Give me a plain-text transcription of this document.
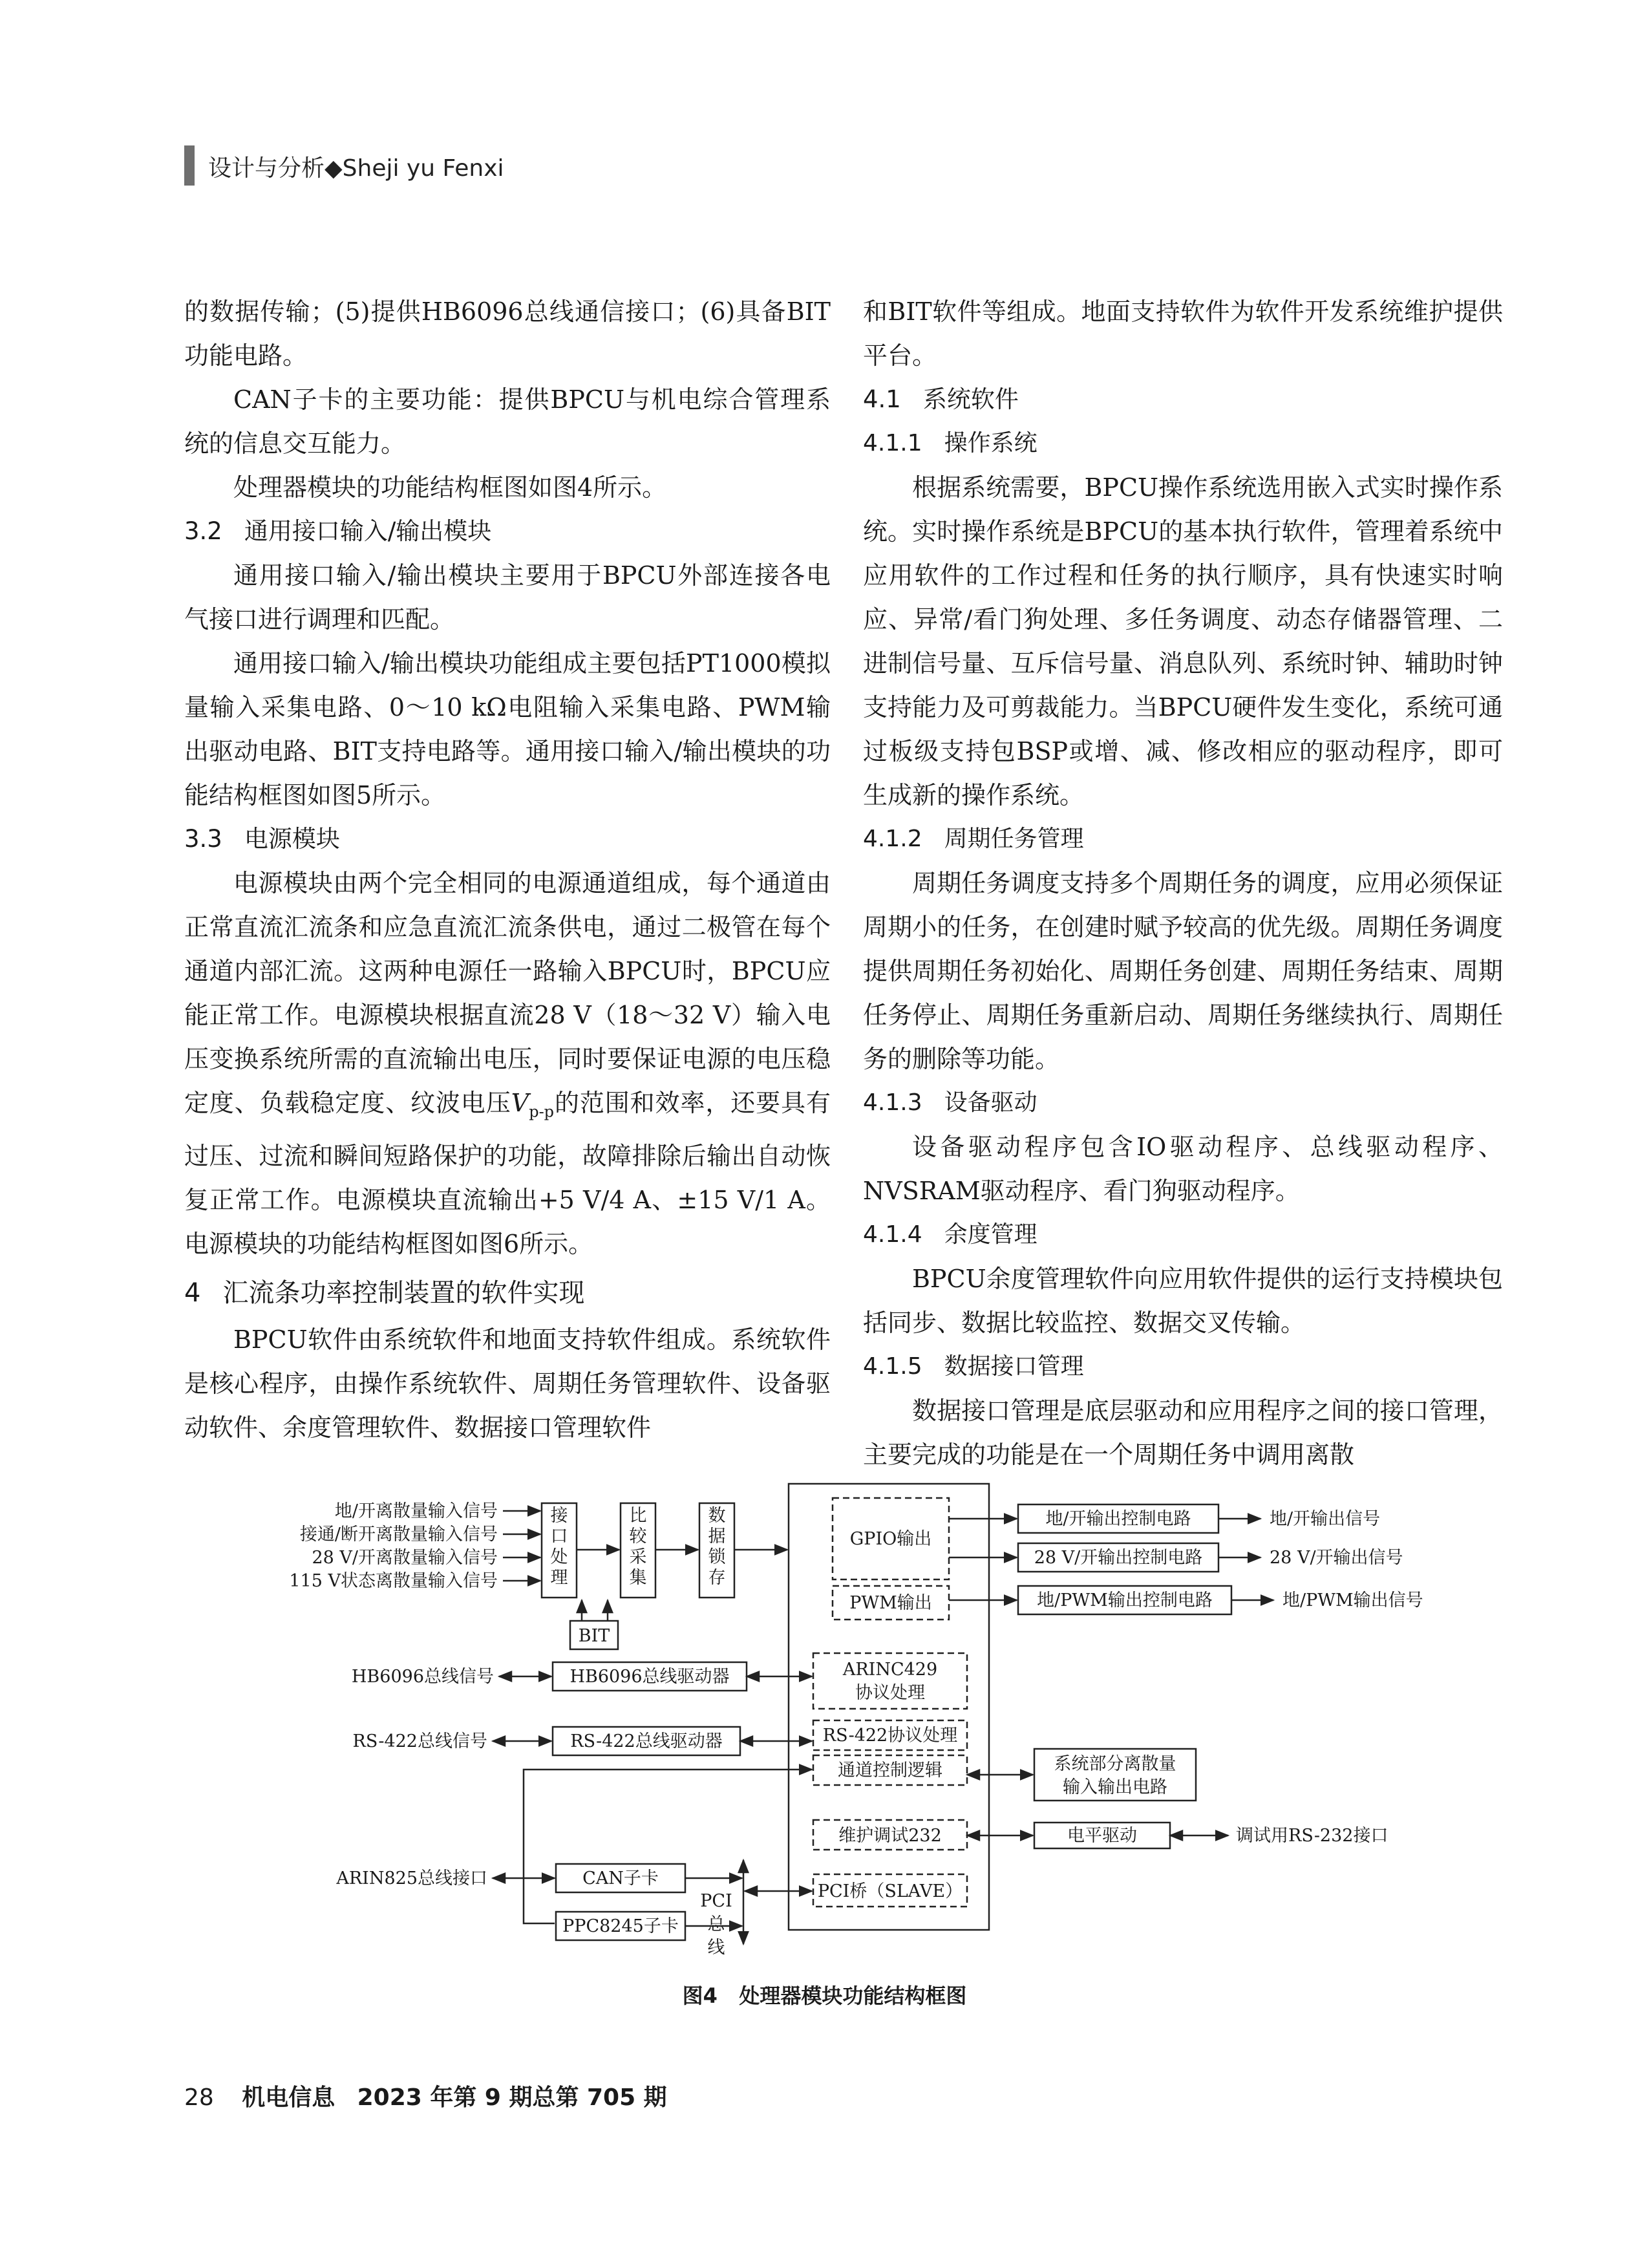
设计与分析◆Sheji yu Fenxi

的数据传输；(5)提供HB6096总线通信接口；(6)具备BIT功能电路。

CAN子卡的主要功能：提供BPCU与机电综合管理系统的信息交互能力。

处理器模块的功能结构框图如图4所示。

3.2 通用接口输入/输出模块

通用接口输入/输出模块主要用于BPCU外部连接各电气接口进行调理和匹配。

通用接口输入/输出模块功能组成主要包括PT1000模拟量输入采集电路、0～10 kΩ电阻输入采集电路、PWM输出驱动电路、BIT支持电路等。通用接口输入/输出模块的功能结构框图如图5所示。

3.3 电源模块

电源模块由两个完全相同的电源通道组成，每个通道由正常直流汇流条和应急直流汇流条供电，通过二极管在每个通道内部汇流。这两种电源任一路输入BPCU时，BPCU应能正常工作。电源模块根据直流28 V（18～32 V）输入电压变换系统所需的直流输出电压，同时要保证电源的电压稳定度、负载稳定度、纹波电压$V_{p-p}$的范围和效率，还要具有过压、过流和瞬间短路保护的功能，故障排除后输出自动恢复正常工作。电源模块直流输出+5 V/4 A、±15 V/1 A。电源模块的功能结构框图如图6所示。

4 汇流条功率控制装置的软件实现

BPCU软件由系统软件和地面支持软件组成。系统软件是核心程序，由操作系统软件、周期任务管理软件、设备驱动软件、余度管理软件、数据接口管理软件

和BIT软件等组成。地面支持软件为软件开发系统维护提供平台。

4.1 系统软件
4.1.1 操作系统

根据系统需要，BPCU操作系统选用嵌入式实时操作系统。实时操作系统是BPCU的基本执行软件，管理着系统中应用软件的工作过程和任务的执行顺序，具有快速实时响应、异常/看门狗处理、多任务调度、动态存储器管理、二进制信号量、互斥信号量、消息队列、系统时钟、辅助时钟支持能力及可剪裁能力。当BPCU硬件发生变化，系统可通过板级支持包BSP或增、减、修改相应的驱动程序，即可生成新的操作系统。

4.1.2 周期任务管理

周期任务调度支持多个周期任务的调度，应用必须保证周期小的任务，在创建时赋予较高的优先级。周期任务调度提供周期任务初始化、周期任务创建、周期任务结束、周期任务停止、周期任务重新启动、周期任务继续执行、周期任务的删除等功能。

4.1.3 设备驱动

设备驱动程序包含IO驱动程序、总线驱动程序、NVSRAM驱动程序、看门狗驱动程序。

4.1.4 余度管理

BPCU余度管理软件向应用软件提供的运行支持模块包括同步、数据比较监控、数据交叉传输。

4.1.5 数据接口管理

数据接口管理是底层驱动和应用程序之间的接口管理，主要完成的功能是在一个周期任务中调用离散

地/开离散量输入信号
接通/断开离散量输入信号
28 V/开离散量输入信号
115 V状态离散量输入信号
接口处理
比较采集
数据锁存
BIT
GPIO输出
PWM输出
地/开输出控制电路
28 V/开输出控制电路
地/PWM输出控制电路
地/开输出信号
28 V/开输出信号
地/PWM输出信号
HB6096总线信号	HB6096总线驱动器	ARINC429
协议处理
RS-422总线信号	RS-422总线驱动器	RS-422协议处理
通道控制逻辑	系统部分离散量
输入输出电路
维护调试232	电平驱动	调试用RS-232接口
ARIN825总线接口	CAN子卡
PPC8245子卡
PCI
总
线
PCI桥（SLAVE）
图4 处理器模块功能结构框图
28 机电信息 2023 年第 9 期总第 705 期
